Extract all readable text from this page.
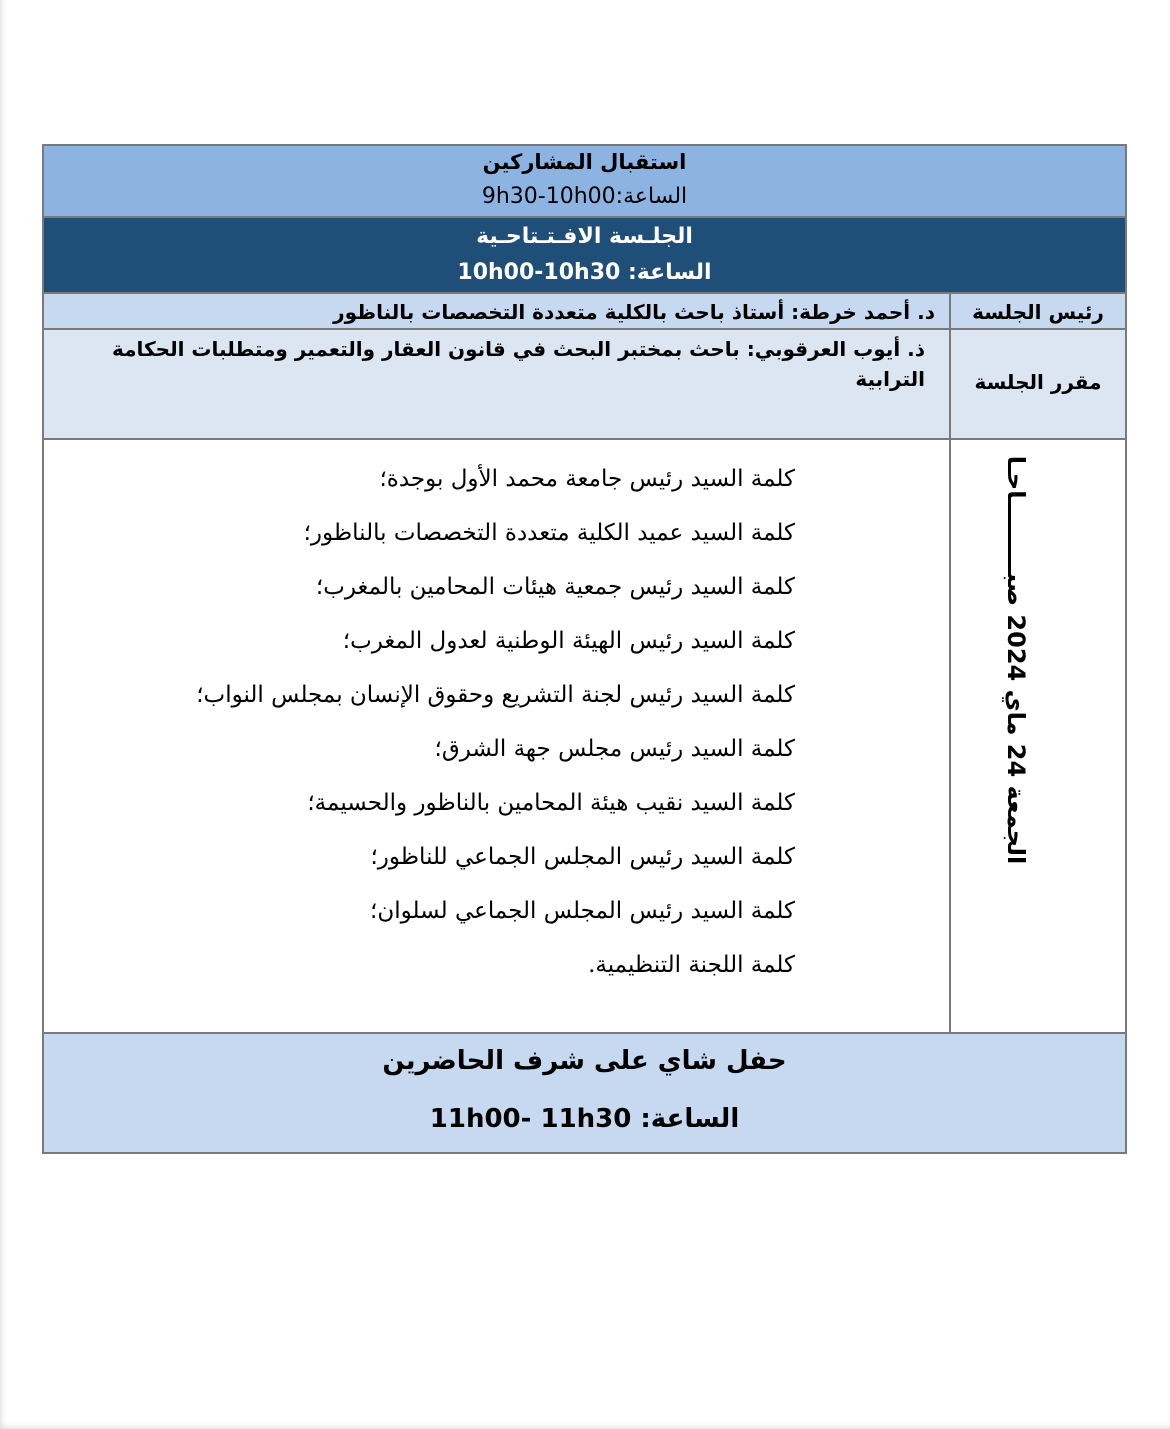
استقبال المشاركين
الساعة:9h30-10h00
الجلـسة الافـتـتاحـية
الساعة: 10h00-10h30
رئيس الجلسة
د. أحمد خرطة: أستاذ باحث بالكلية متعددة التخصصات بالناظور
مقرر الجلسة
ذ. أيوب العرقوبي: باحث بمختبر البحث في قانون العقار والتعمير ومتطلبات الحكامة الترابية
كلمة السيد رئيس جامعة محمد الأول بوجدة؛
كلمة السيد عميد الكلية متعددة التخصصات بالناظور؛
كلمة السيد رئيس جمعية هيئات المحامين بالمغرب؛
كلمة السيد رئيس الهيئة الوطنية لعدول المغرب؛
كلمة السيد رئيس لجنة التشريع وحقوق الإنسان بمجلس النواب؛
كلمة السيد رئيس مجلس جهة الشرق؛
كلمة السيد نقيب هيئة المحامين بالناظور والحسيمة؛
كلمة السيد رئيس المجلس الجماعي للناظور؛
كلمة السيد رئيس المجلس الجماعي لسلوان؛
كلمة اللجنة التنظيمية.
حفل شاي على شرف الحاضرين
الساعة: 11h00- 11h30
الجمعة 24 ماي 2024 صبـــــــــاحـا
